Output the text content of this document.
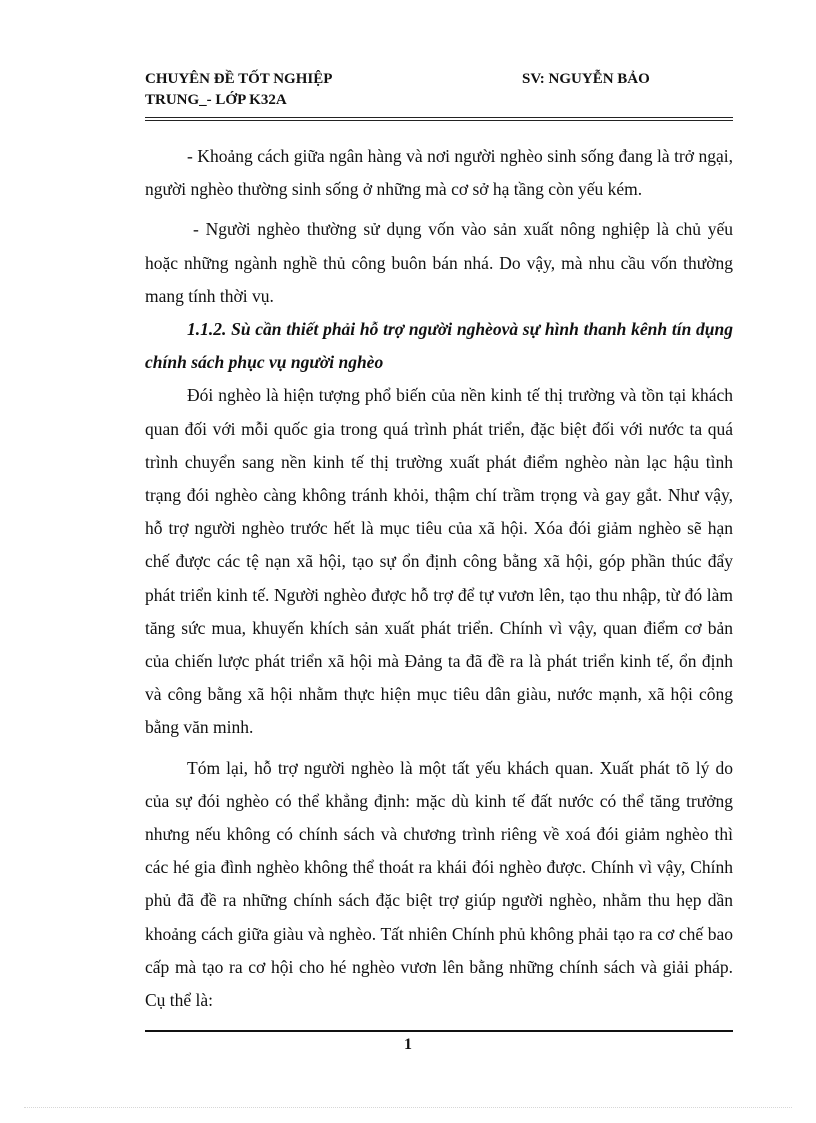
CHUYÊN ĐỀ TỐT NGHIỆP
TRUNG_- LỚP K32A
SV: NGUYỄN BẢO

- Khoảng cách giữa ngân hàng và nơi người nghèo sinh sống đang là trở ngại, người nghèo thường sinh sống ở những mà cơ sở hạ tầng còn yếu kém.

- Người nghèo thường sử dụng vốn vào sản xuất nông nghiệp là chủ yếu hoặc những ngành nghề thủ công buôn bán nhá. Do vậy, mà nhu cầu vốn thường mang tính thời vụ.

1.1.2. Sù cần thiết phải hỗ trợ người nghèovà sự hình thanh kênh tín dụng chính sách phục vụ người nghèo

Đói nghèo là hiện tượng phổ biến của nền kinh tế thị trường và tồn tại khách quan đối với mỗi quốc gia trong quá trình phát triển, đặc biệt đối với nước ta quá trình chuyển sang nền kinh tế thị trường xuất phát điểm nghèo nàn lạc hậu tình trạng đói nghèo càng không tránh khỏi, thậm chí trầm trọng và gay gắt. Như vậy, hỗ trợ người nghèo trước hết là mục tiêu của xã hội. Xóa đói giảm nghèo sẽ hạn chế được các tệ nạn xã hội, tạo sự ổn định công bằng xã hội, góp phần thúc đẩy phát triển kinh tế. Người nghèo được hỗ trợ để tự vươn lên, tạo thu nhập, từ đó làm tăng sức mua, khuyến khích sản xuất phát triển. Chính vì vậy, quan điểm cơ bản của chiến lược phát triển xã hội mà Đảng ta đã đề ra là phát triển kinh tế, ổn định và công bằng xã hội nhằm thực hiện mục tiêu dân giàu, nước mạnh, xã hội công bằng văn minh.

Tóm lại, hỗ trợ người nghèo là một tất yếu khách quan. Xuất phát tõ lý do của sự đói nghèo có thể khẳng định: mặc dù kinh tế đất nước có thể tăng trưởng nhưng nếu không có chính sách và chương trình riêng về xoá đói giảm nghèo thì các hé gia đình nghèo không thể thoát ra khái đói nghèo được. Chính vì vậy, Chính phủ đã đề ra những chính sách đặc biệt trợ giúp người nghèo, nhằm thu hẹp dần khoảng cách giữa giàu và nghèo. Tất nhiên Chính phủ không phải tạo ra cơ chế bao cấp mà tạo ra cơ hội cho hé nghèo vươn lên bằng những chính sách và giải pháp. Cụ thể là:

1
